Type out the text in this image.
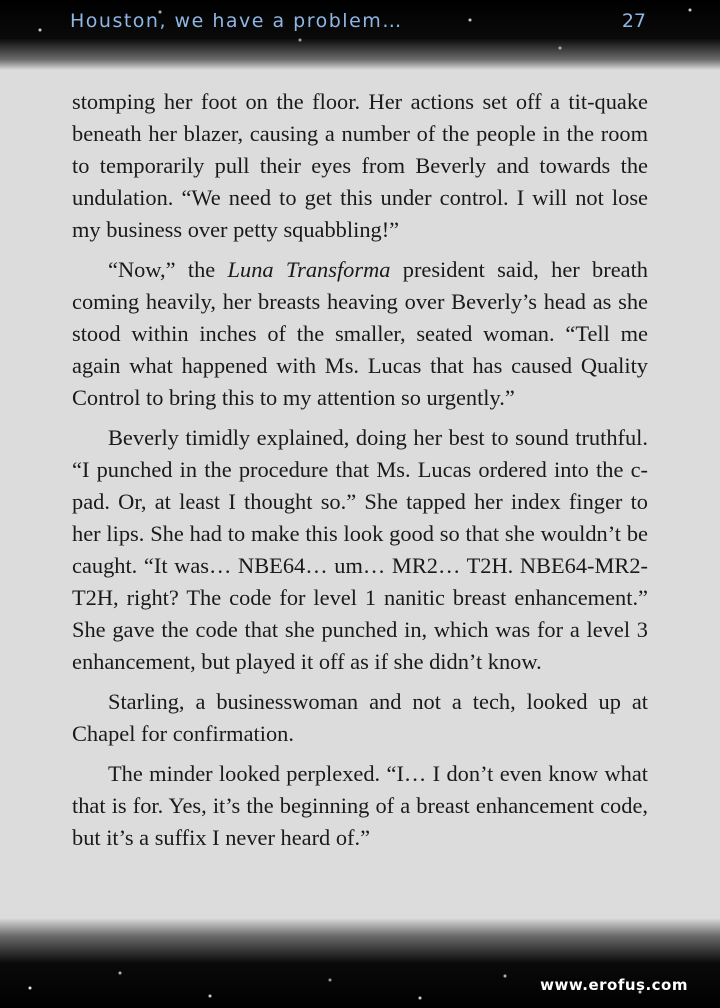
Houston, we have a problem…	27

stomping her foot on the floor. Her actions set off a tit-quake beneath her blazer, causing a number of the people in the room to temporarily pull their eyes from Beverly and towards the undulation. “We need to get this under control. I will not lose my business over petty squabbling!”

“Now,” the Luna Transforma president said, her breath coming heavily, her breasts heaving over Beverly’s head as she stood within inches of the smaller, seated woman. “Tell me again what happened with Ms. Lucas that has caused Quality Control to bring this to my attention so urgently.”

Beverly timidly explained, doing her best to sound truthful. “I punched in the procedure that Ms. Lucas ordered into the c-pad. Or, at least I thought so.” She tapped her index finger to her lips. She had to make this look good so that she wouldn’t be caught. “It was… NBE64… um… MR2… T2H. NBE64-MR2-T2H, right? The code for level 1 nanitic breast enhancement.” She gave the code that she punched in, which was for a level 3 enhancement, but played it off as if she didn’t know.

Starling, a businesswoman and not a tech, looked up at Chapel for confirmation.

The minder looked perplexed. “I… I don’t even know what that is for. Yes, it’s the beginning of a breast enhancement code, but it’s a suffix I never heard of.”

www.erofus.com
